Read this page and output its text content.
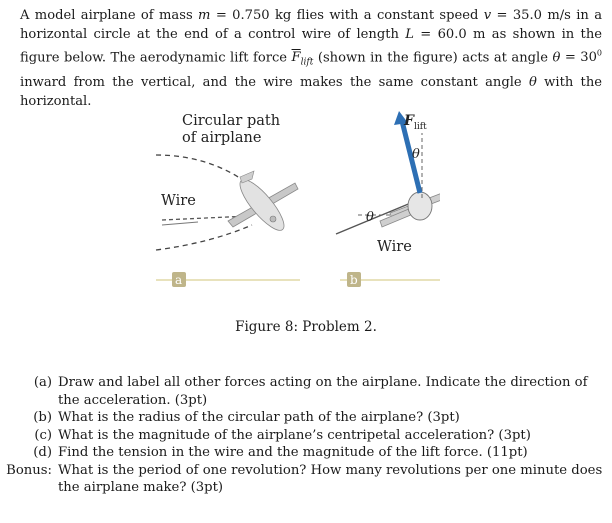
A model airplane of mass m = 0.750 kg flies with a constant speed v = 35.0 m/s in a horizontal circle at the end of a control wire of length L = 60.0 m as shown in the figure below. The aerodynamic lift force $\overline{F}_{lift}$ (shown in the figure) acts at angle $\theta = 30^0$ inward from the vertical, and the wire makes the same constant angle θ with the horizontal.
Circular path
of airplane
Wire
$F_{lift}$
θ
θ
Wire
a	b
Figure 8: Problem 2.
(a) Draw and label all other forces acting on the airplane. Indicate the direction of the acceleration. (3pt)
(b) What is the radius of the circular path of the airplane? (3pt)
(c) What is the magnitude of the airplane’s centripetal acceleration? (3pt)
(d) Find the tension in the wire and the magnitude of the lift force. (11pt)
Bonus: What is the period of one revolution? How many revolutions per one minute does the airplane make? (3pt)
